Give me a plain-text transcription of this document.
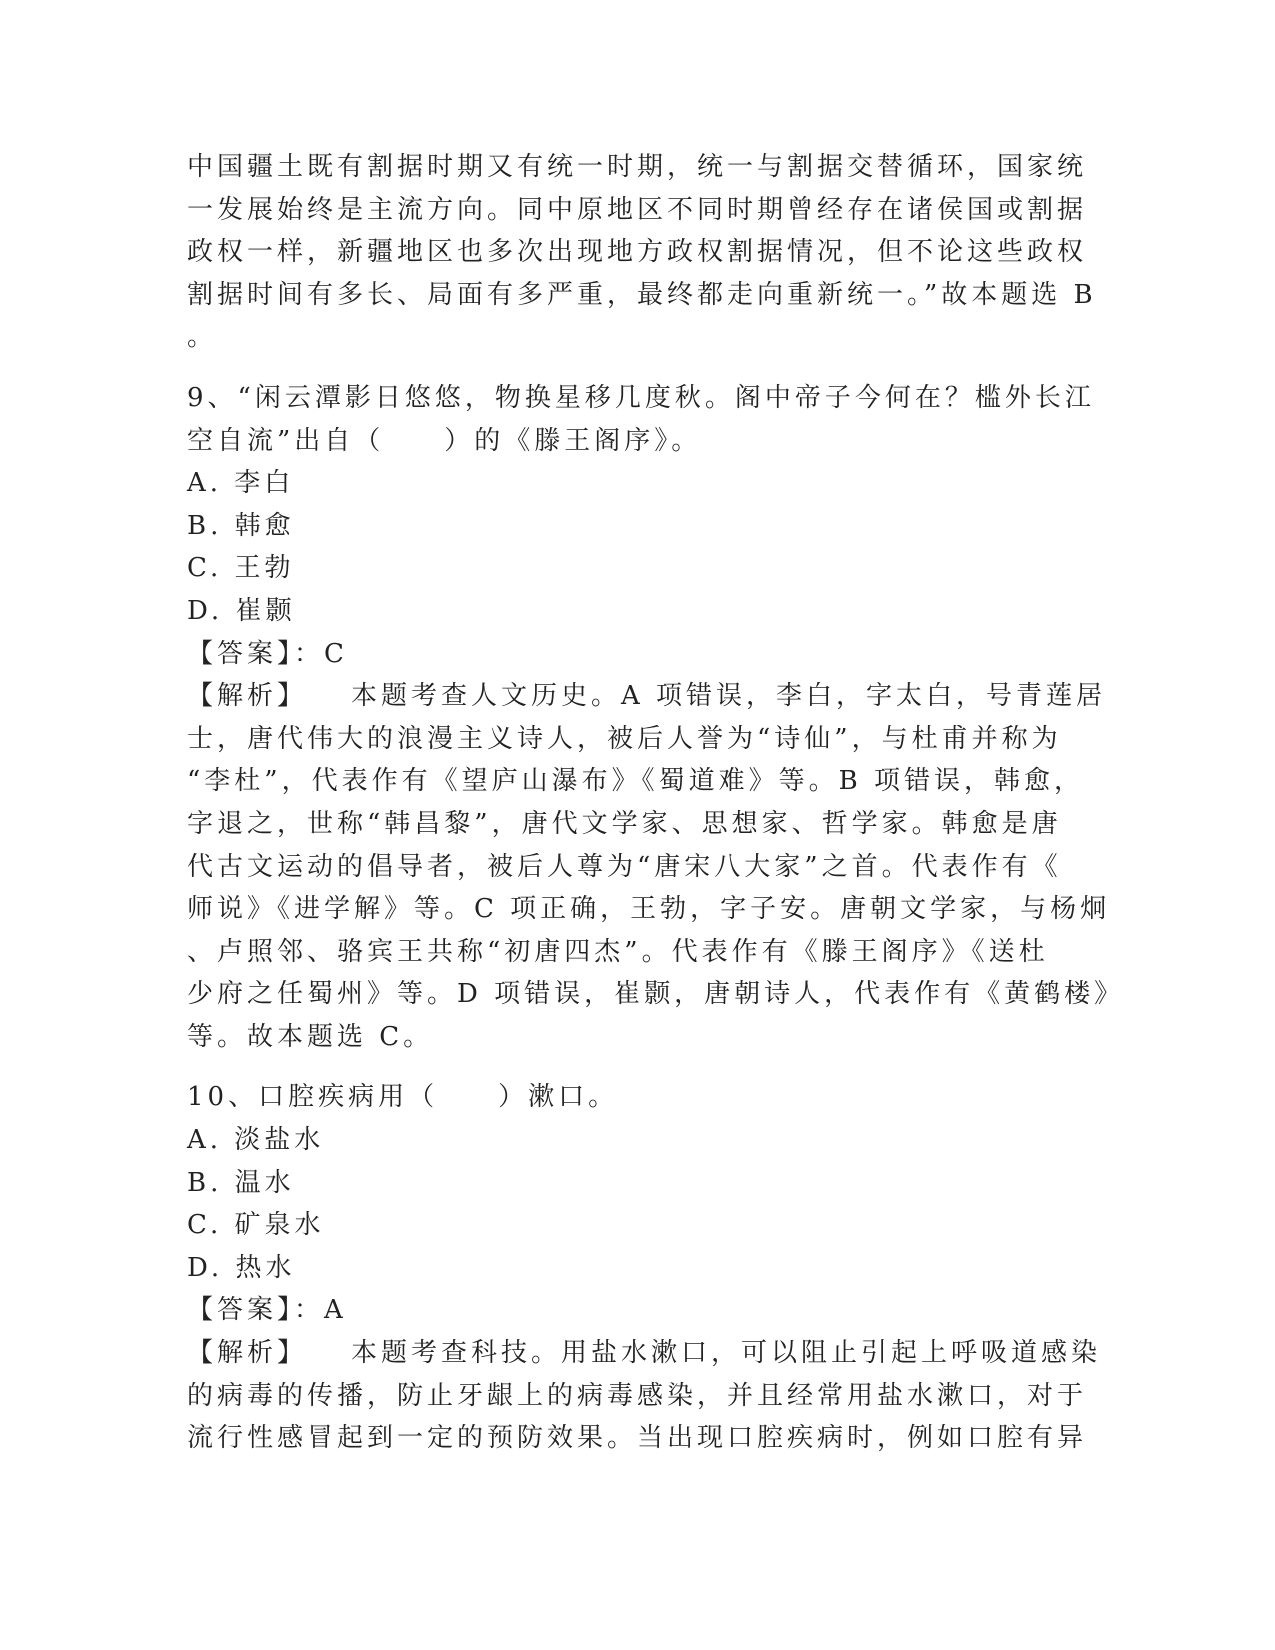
中国疆土既有割据时期又有统一时期，统一与割据交替循环，国家统
一发展始终是主流方向。同中原地区不同时期曾经存在诸侯国或割据
政权一样，新疆地区也多次出现地方政权割据情况，但不论这些政权
割据时间有多长、局面有多严重，最终都走向重新统一。”故本题选 B
。
9、“闲云潭影日悠悠，物换星移几度秋。阁中帝子今何在？槛外长江
空自流”出自（　　）的《滕王阁序》。
A. 李白
B. 韩愈
C. 王勃
D. 崔颢
【答案】：C
【解析】 本题考查人文历史。A 项错误，李白，字太白，号青莲居
士，唐代伟大的浪漫主义诗人，被后人誉为“诗仙”，与杜甫并称为
“李杜”，代表作有《望庐山瀑布》《蜀道难》等。B 项错误，韩愈，
字退之，世称“韩昌黎”，唐代文学家、思想家、哲学家。韩愈是唐
代古文运动的倡导者，被后人尊为“唐宋八大家”之首。代表作有《
师说》《进学解》等。C 项正确，王勃，字子安。唐朝文学家，与杨炯
、卢照邻、骆宾王共称“初唐四杰”。代表作有《滕王阁序》《送杜
少府之任蜀州》等。D 项错误，崔颢，唐朝诗人，代表作有《黄鹤楼》
等。故本题选 C。
10、口腔疾病用（　　）漱口。
A. 淡盐水
B. 温水
C. 矿泉水
D. 热水
【答案】：A
【解析】 本题考查科技。用盐水漱口，可以阻止引起上呼吸道感染
的病毒的传播，防止牙龈上的病毒感染，并且经常用盐水漱口，对于
流行性感冒起到一定的预防效果。当出现口腔疾病时，例如口腔有异
